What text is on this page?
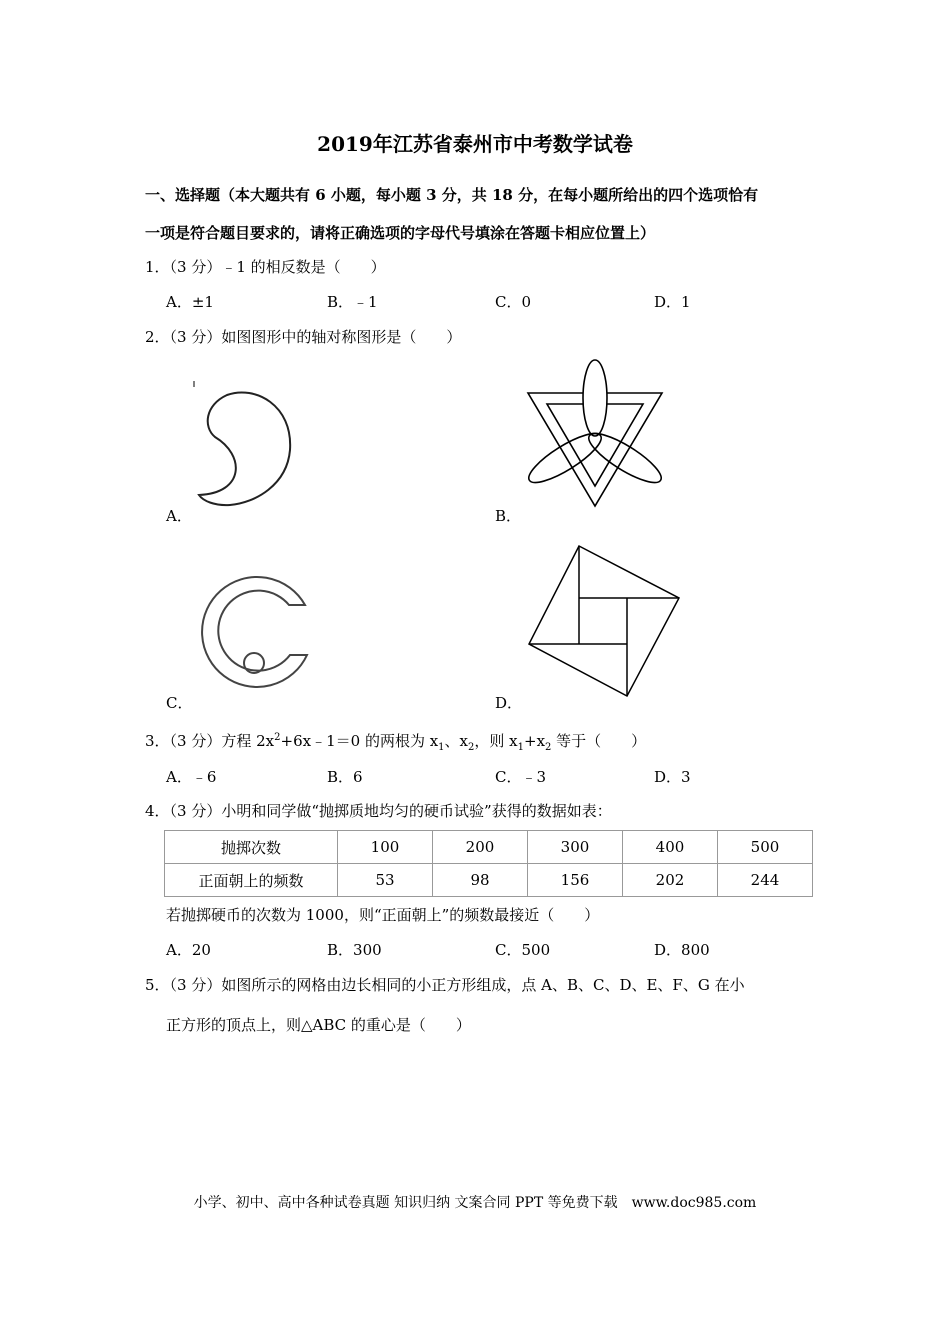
2019年江苏省泰州市中考数学试卷
一、选择题（本大题共有 6 小题，每小题 3 分，共 18 分，在每小题所给出的四个选项恰有
一项是符合题目要求的，请将正确选项的字母代号填涂在答题卡相应位置上）
1．（3 分）﹣1 的相反数是（　　）
A．±1	B．﹣1	C．0	D．1
2．（3 分）如图图形中的轴对称图形是（　　）
A．	B．
C．	D．
3．（3 分）方程 $2x^2+6x﹣1=0$ 的两根为 $x_1$、$x_2$，则 $x_1+x_2$ 等于（　　）
A．﹣6	B．6	C．﹣3	D．3
4．（3 分）小明和同学做“抛掷质地均匀的硬币试验”获得的数据如表：
抛掷次数	100	200	300	400	500
正面朝上的频数	53	98	156	202	244
若抛掷硬币的次数为 1000，则“正面朝上”的频数最接近（　　）
A．20	B．300	C．500	D．800
5．（3 分）如图所示的网格由边长相同的小正方形组成，点 A、B、C、D、E、F、G 在小
正方形的顶点上，则△ABC 的重心是（　　）
小学、初中、高中各种试卷真题 知识归纳 文案合同 PPT 等免费下载　www.doc985.com
